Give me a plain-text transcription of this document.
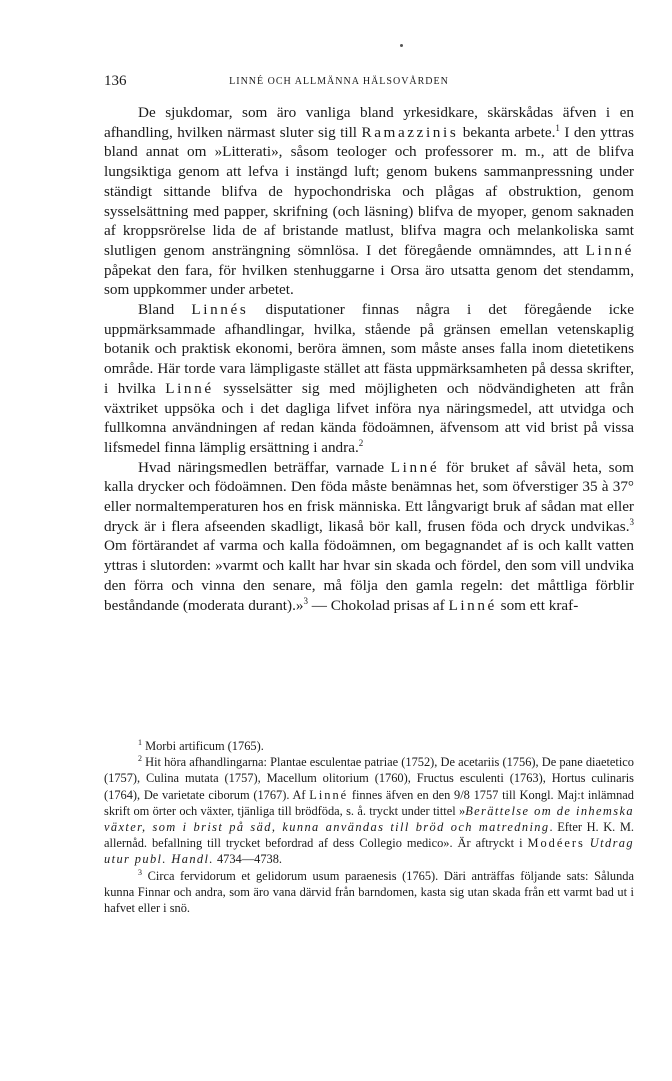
136	LINNÉ OCH ALLMÄNNA HÄLSOVÅRDEN

De sjukdomar, som äro vanliga bland yrkesidkare, skärskådas äfven i en afhandling, hvilken närmast sluter sig till Ramazzinis bekanta arbete.$^1$ I den yttras bland annat om »Litterati», såsom teologer och professorer m. m., att de blifva lungsiktiga genom att lefva i instängd luft; genom bukens sammanpressning under ständigt sittande blifva de hypochondriska och plågas af obstruktion, genom sysselsättning med papper, skrifning (och läsning) blifva de myoper, genom saknaden af kroppsrörelse lida de af bristande matlust, blifva magra och melankoliska samt slutligen genom ansträngning sömnlösa. I det föregående omnämndes, att Linné påpekat den fara, för hvilken stenhuggarne i Orsa äro utsatta genom det stendamm, som uppkommer under arbetet.

Bland Linnés disputationer finnas några i det föregående icke uppmärksammade afhandlingar, hvilka, stående på gränsen emellan vetenskaplig botanik och praktisk ekonomi, beröra ämnen, som måste anses falla inom dietetikens område. Här torde vara lämpligaste stället att fästa uppmärksamheten på dessa skrifter, i hvilka Linné sysselsätter sig med möjligheten och nödvändigheten att från växtriket uppsöka och i det dagliga lifvet införa nya näringsmedel, att utvidga och fullkomna användningen af redan kända födoämnen, äfvensom att vid brist på vissa lifsmedel finna lämplig ersättning i andra.$^2$

Hvad näringsmedlen beträffar, varnade Linné för bruket af såväl heta, som kalla drycker och födoämnen. Den föda måste benämnas het, som öfverstiger 35 à 37° eller normaltemperaturen hos en frisk människa. Ett långvarigt bruk af sådan mat eller dryck är i flera afseenden skadligt, likaså bör kall, frusen föda och dryck undvikas.$^3$ Om förtärandet af varma och kalla födoämnen, om begagnandet af is och kallt vatten yttras i slutorden: »varmt och kallt har hvar sin skada och fördel, den som vill undvika den förra och vinna den senare, må följa den gamla regeln: det måttliga förblir beståndande (moderata durant).»$^3$ — Chokolad prisas af Linné som ett kraf-

$^1$ Morbi artificum (1765).

$^2$ Hit höra afhandlingarna: Plantae esculentae patriae (1752), De acetariis (1756), De pane diaetetico (1757), Culina mutata (1757), Macellum olitorium (1760), Fructus esculenti (1763), Hortus culinaris (1764), De varietate ciborum (1767). Af Linné finnes äfven en den 9/8 1757 till Kongl. Maj:t inlämnad skrift om örter och växter, tjänliga till brödföda, s. å. tryckt under tittel »Berättelse om de inhemska växter, som i brist på säd, kunna användas till bröd och matredning. Efter H. K. M. allernåd. befallning till trycket befordrad af dess Collegio medico». Är aftryckt i Modéers Utdrag utur publ. Handl. 4734—4738.

$^3$ Circa fervidorum et gelidorum usum paraenesis (1765). Däri anträffas följande sats: Sålunda kunna Finnar och andra, som äro vana därvid från barndomen, kasta sig utan skada från ett varmt bad ut i hafvet eller i snö.
